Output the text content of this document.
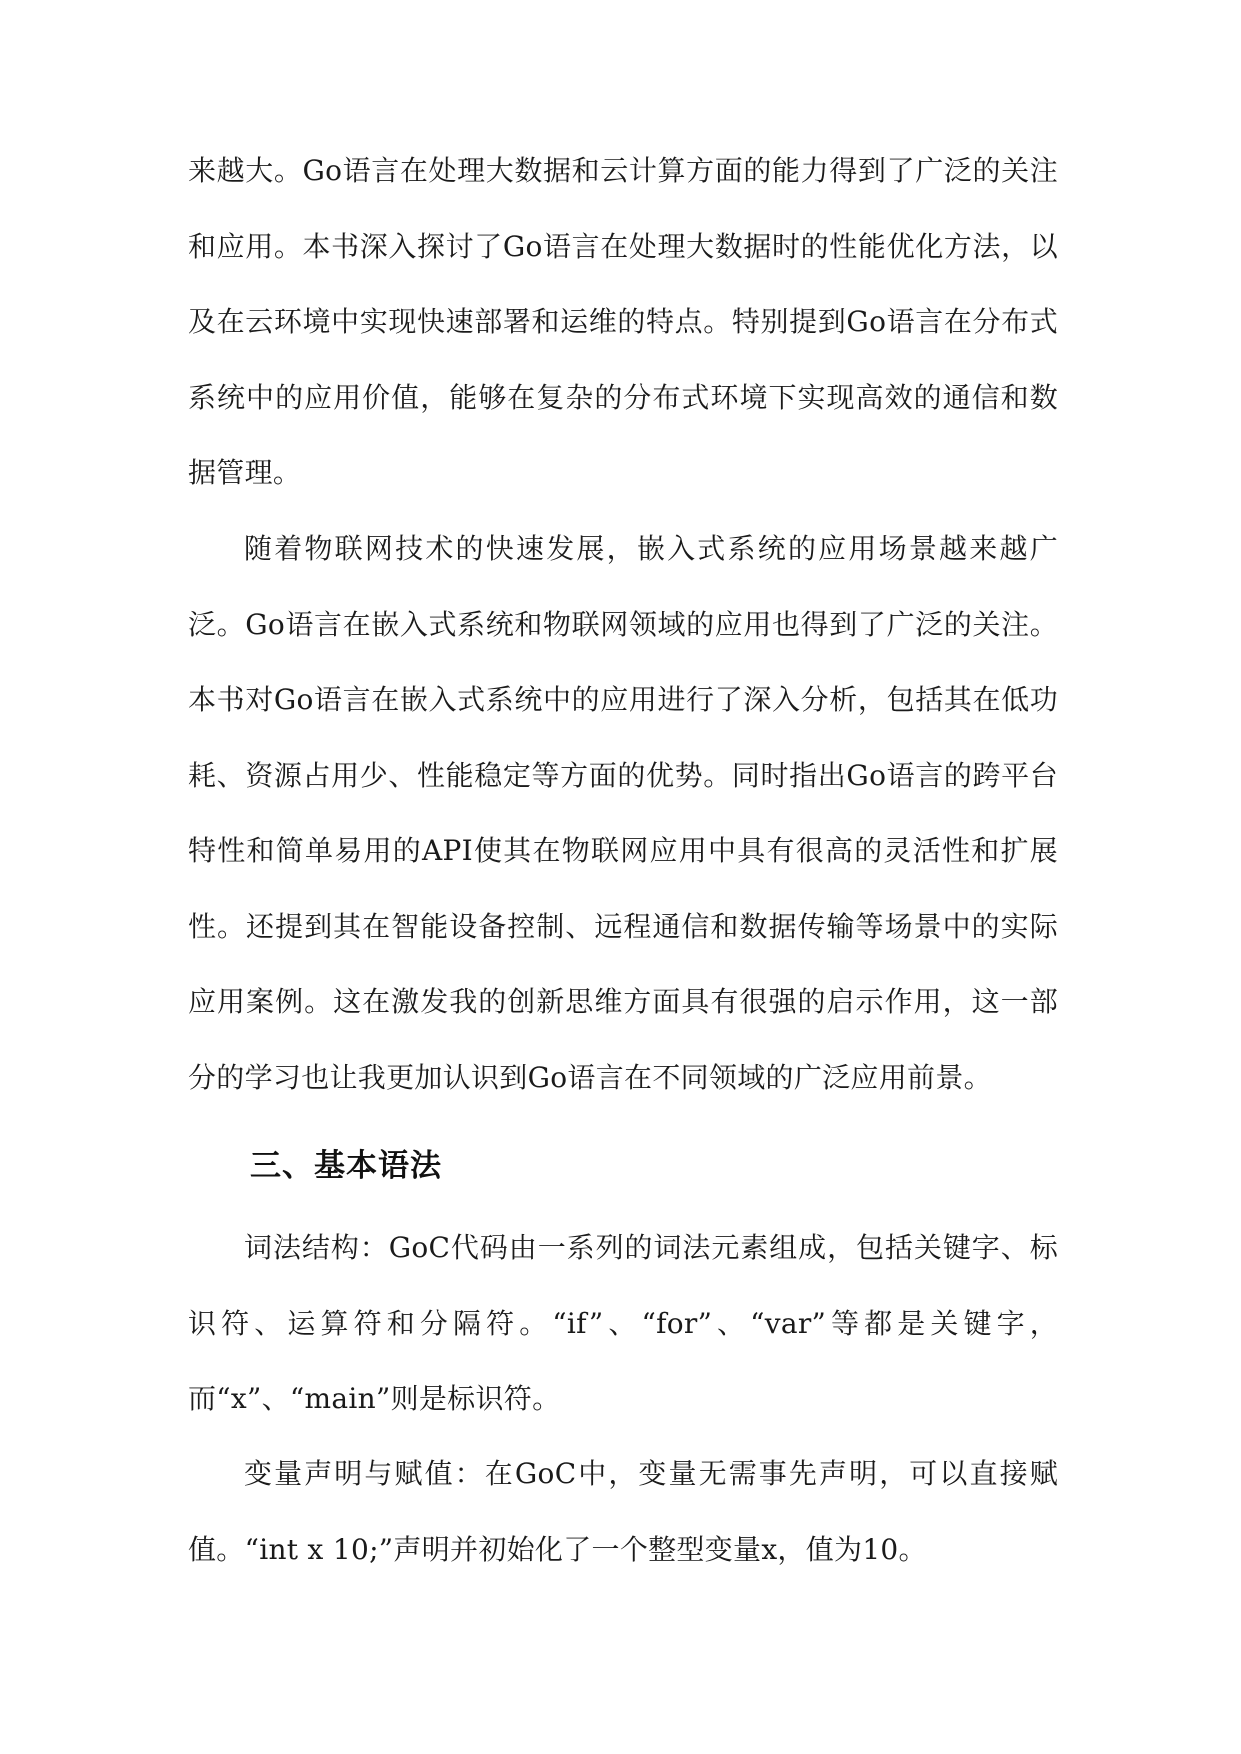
来越大。Go语言在处理大数据和云计算方面的能力得到了广泛的关注和应用。本书深入探讨了Go语言在处理大数据时的性能优化方法，以及在云环境中实现快速部署和运维的特点。特别提到Go语言在分布式系统中的应用价值，能够在复杂的分布式环境下实现高效的通信和数据管理。

随着物联网技术的快速发展，嵌入式系统的应用场景越来越广泛。Go语言在嵌入式系统和物联网领域的应用也得到了广泛的关注。本书对Go语言在嵌入式系统中的应用进行了深入分析，包括其在低功耗、资源占用少、性能稳定等方面的优势。同时指出Go语言的跨平台特性和简单易用的API使其在物联网应用中具有很高的灵活性和扩展性。还提到其在智能设备控制、远程通信和数据传输等场景中的实际应用案例。这在激发我的创新思维方面具有很强的启示作用，这一部分的学习也让我更加认识到Go语言在不同领域的广泛应用前景。

三、基本语法

词法结构：GoC代码由一系列的词法元素组成，包括关键字、标识符、运算符和分隔符。“if”、“for”、“var”等都是关键字，而“x”、“main”则是标识符。

变量声明与赋值：在GoC中，变量无需事先声明，可以直接赋值。“int x 10;”声明并初始化了一个整型变量x，值为10。
